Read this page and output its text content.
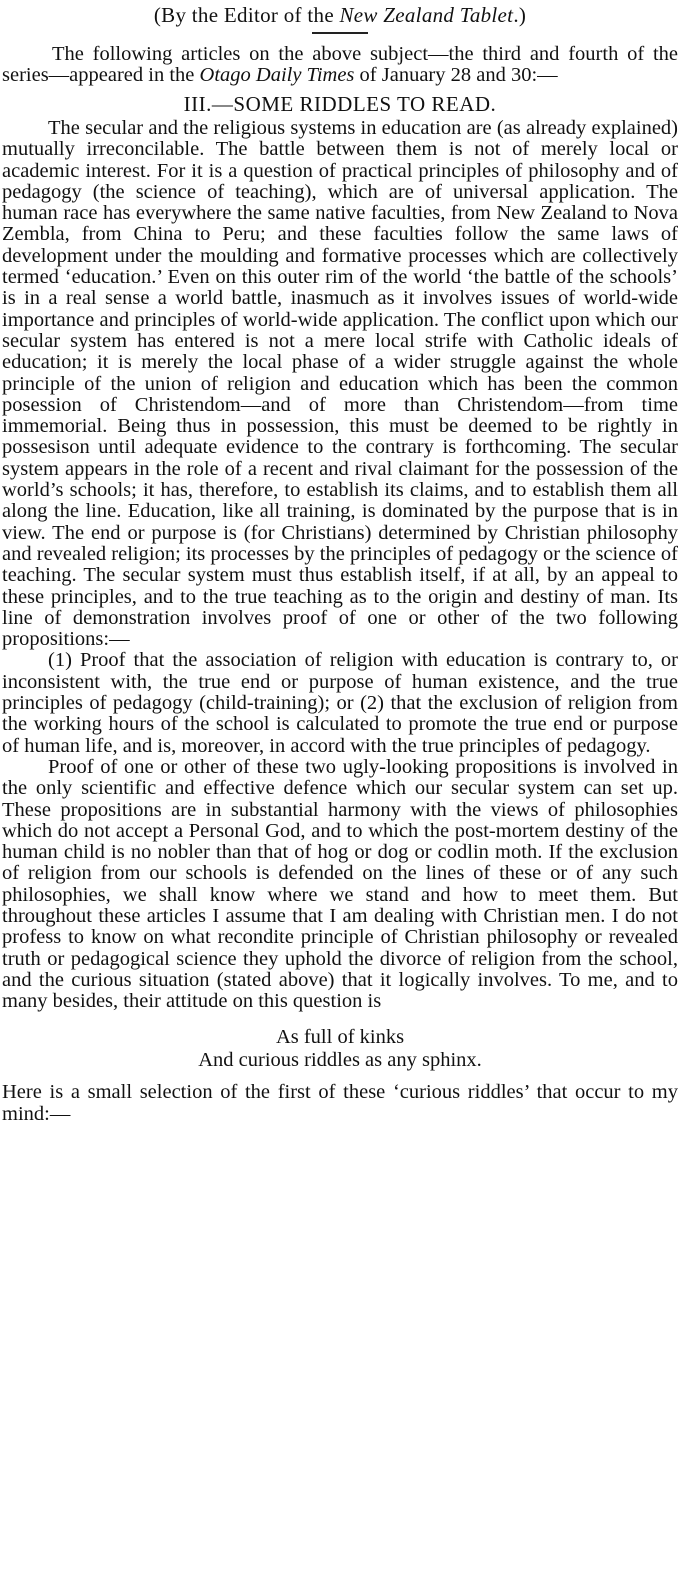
(By the Editor of the New Zealand Tablet.)

The following articles on the above subject—the third and fourth of the series—appeared in the Otago Daily Times of January 28 and 30:—

III.—SOME RIDDLES TO READ.

The secular and the religious systems in education are (as already explained) mutually irreconcilable. The battle between them is not of merely local or academic interest. For it is a question of practical principles of philosophy and of pedagogy (the science of teaching), which are of universal application. The human race has everywhere the same native faculties, from New Zealand to Nova Zembla, from China to Peru; and these faculties follow the same laws of development under the moulding and formative processes which are collectively termed ‘education.’ Even on this outer rim of the world ‘the battle of the schools’ is in a real sense a world battle, inasmuch as it involves issues of world-wide importance and principles of world-wide application. The conflict upon which our secular system has entered is not a mere local strife with Catholic ideals of education; it is merely the local phase of a wider struggle against the whole principle of the union of religion and education which has been the common posession of Christendom—and of more than Christendom—from time immemorial. Being thus in possession, this must be deemed to be rightly in possesison until adequate evidence to the contrary is forthcoming. The secular system appears in the role of a recent and rival claimant for the possession of the world’s schools; it has, therefore, to establish its claims, and to establish them all along the line. Education, like all training, is dominated by the purpose that is in view. The end or purpose is (for Christians) determined by Christian philosophy and revealed religion; its processes by the principles of pedagogy or the science of teaching. The secular system must thus establish itself, if at all, by an appeal to these principles, and to the true teaching as to the origin and destiny of man. Its line of demonstration involves proof of one or other of the two following propositions:—

(1) Proof that the association of religion with education is contrary to, or inconsistent with, the true end or purpose of human existence, and the true principles of pedagogy (child-training); or (2) that the exclusion of religion from the working hours of the school is calculated to promote the true end or purpose of human life, and is, moreover, in accord with the true principles of pedagogy.

Proof of one or other of these two ugly-looking propositions is involved in the only scientific and effective defence which our secular system can set up. These propositions are in substantial harmony with the views of philosophies which do not accept a Personal God, and to which the post-mortem destiny of the human child is no nobler than that of hog or dog or codlin moth. If the exclusion of religion from our schools is defended on the lines of these or of any such philosophies, we shall know where we stand and how to meet them. But throughout these articles I assume that I am dealing with Christian men. I do not profess to know on what recondite principle of Christian philosophy or revealed truth or pedagogical science they uphold the divorce of religion from the school, and the curious situation (stated above) that it logically involves. To me, and to many besides, their attitude on this question is

As full of kinks
And curious riddles as any sphinx.

Here is a small selection of the first of these ‘curious riddles’ that occur to my mind:—
